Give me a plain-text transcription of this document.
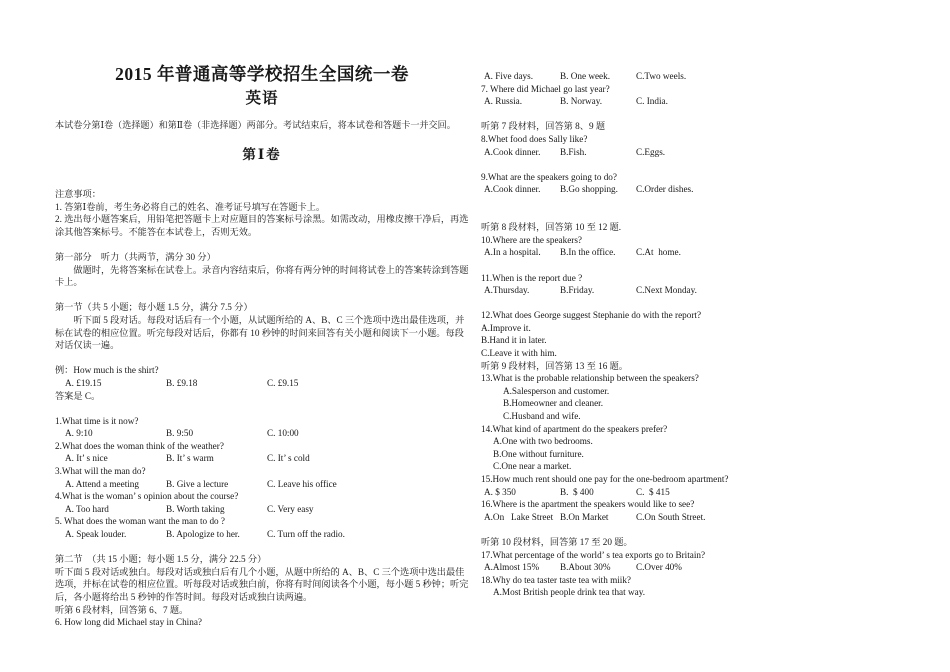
2015 年普通高等学校招生全国统一卷
英语
本试卷分第Ⅰ卷（选择题）和第Ⅱ卷（非选择题）两部分。考试结束后，将本试卷和答题卡一并交回。
第Ⅰ卷
注意事项：
1. 答第Ⅰ卷前，考生务必将自己的姓名、准考证号填写在答题卡上。
2. 选出每小题答案后，用铅笔把答题卡上对应题目的答案标号涂黑。如需改动，用橡皮擦干净后，再选涂其他答案标号。不能答在本试卷上，否则无效。
第一部分　听力（共两节，满分 30 分）
做题时，先将答案标在试卷上。录音内容结束后，你将有两分钟的时间将试卷上的答案转涂到答题卡上。
第一节（共 5 小题；每小题 1.5 分，满分 7.5 分）
听下面 5 段对话。每段对话后有一个小题，从试题所给的 A、B、C 三个选项中选出最佳选项，并标在试卷的相应位置。听完每段对话后，你都有 10 秒钟的时间来回答有关小题和阅读下一小题。每段对话仅读一遍。
例：How much is the shirt?
A. £19.15	B. £9.18	C. £9.15
答案是 C。
1.What time is it now?
A. 9:10	B. 9:50	C. 10:00
2.What does the woman think of the weather?
A. It’ s nice	B. It’ s warm	C. It’ s cold
3.What will the man do?
A. Attend a meeting	B. Give a lecture	C. Leave his office
4.What is the woman’ s opinion about the course?
A. Too hard	B. Worth taking	C. Very easy
5. What does the woman want the man to do ?
A. Speak louder.	B. Apologize to her.	C. Turn off the radio.
第二节　（共 15 小题；每小题 1.5 分，满分 22.5 分）
听下面 5 段对话或独白。每段对话或独白后有几个小题，从题中所给的 A、B、C 三个选项中选出最佳选项，并标在试卷的相应位置。听每段对话或独白前，你将有时间阅读各个小题，每小题 5 秒钟；听完后，各小题将给出 5 秒钟的作答时间。每段对话或独白读两遍。
听第 6 段材料，回答第 6、7 题。
6. How long did Michael stay in China?
A. Five days.	B. One week.	C.Two weels.
7. Where did Michael go last year?
A. Russia.	B. Norway.	C. India.
听第 7 段材料，回答第 8、9 题
8.Whet food does Sally like?
A.Cook dinner.	B.Fish.	C.Eggs.
9.What are the speakers going to do?
A.Cook dinner.	B.Go shopping.	C.Order dishes.
听第 8 段材料，回答第 10 至 12 题.
10.Where are the speakers?
A.In a hospital.	B.In the office.	C.At  home.
11.When is the report due ?
A.Thursday.	B.Friday.	C.Next Monday.
12.What does George suggest Stephanie do with the report?
A.Improve it.
B.Hand it in later.
C.Leave it with him.
听第 9 段材料，回答第 13 至 16 题。
13.What is the probable relationship between the speakers?
A.Salesperson and customer.
B.Homeowner and cleaner.
C.Husband and wife.
14.What kind of apartment do the speakers prefer?
A.One with two bedrooms.
B.One without furniture.
C.One near a market.
15.How much rent should one pay for the one-bedroom apartment?
A. $ 350	B.  $ 400	C.  $ 415
16.Where is the apartment the speakers would like to see?
A.On   Lake Street B.On Market	C.On South Street.
听第 10 段材料，回答第 17 至 20 题。
17.What percentage of the world’ s tea exports go to Britain?
A.Almost 15%	B.About 30%	C.Over 40%
18.Why do tea taster taste tea with miik?
A.Most British people drink tea that way.
